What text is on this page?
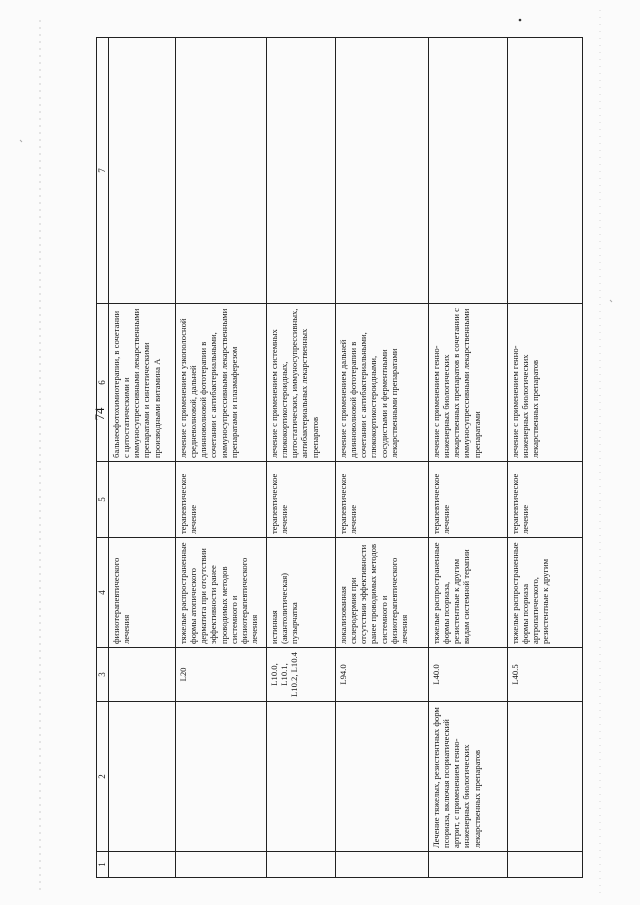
74
1	2	3	4	5	6	7
			физиотерапевтического лечения		бальнеофотохимиотерапии, в сочетании с цитостатическими и иммуносупрессивными лекарственными препаратами и синтетическими производными витамина А	
		L20	тяжелые распространенные формы атопического дерматита при отсутствии эффективности ранее проводимых методов системного и физиотерапевтического лечения	терапевтическое лечение	лечение с применением узкополосной средневолновой, дальней длинноволновой фототерапии в сочетании с антибактериальными, иммуносупрессивными лекарственными препаратами и плазмаферезом	
		L10.0, L10.1, L10.2, L10.4	истинная (акантолитическая) пузырчатка	терапевтическое лечение	лечение с применением системных глюкокортикостероидных, цитостатических, иммуносупрессивных, антибактериальных лекарственных препаратов	
		L94.0	локализованная склеродермия при отсутствии эффективности ранее проводимых методов системного и физиотерапевтического лечения	терапевтическое лечение	лечение с применением дальней длинноволновой фототерапии в сочетании с антибактериальными, глюкокортикостероидными, сосудистыми и ферментными лекарственными препаратами	
	Лечение тяжелых, резистентных форм псориаза, включая псориатический артрит, с применением генно-инженерных биологических лекарственных препаратов	L40.0	тяжелые распространенные формы псориаза, резистентные к другим видам системной терапии	терапевтическое лечение	лечение с применением генно-инженерных биологических лекарственных препаратов в сочетании с иммуносупрессивными лекарственными препаратами	
		L40.5	тяжелые распространенные формы псориаза артропатического, резистентные к другим	терапевтическое лечение	лечение с применением генно-инженерных биологических лекарственных препаратов	
